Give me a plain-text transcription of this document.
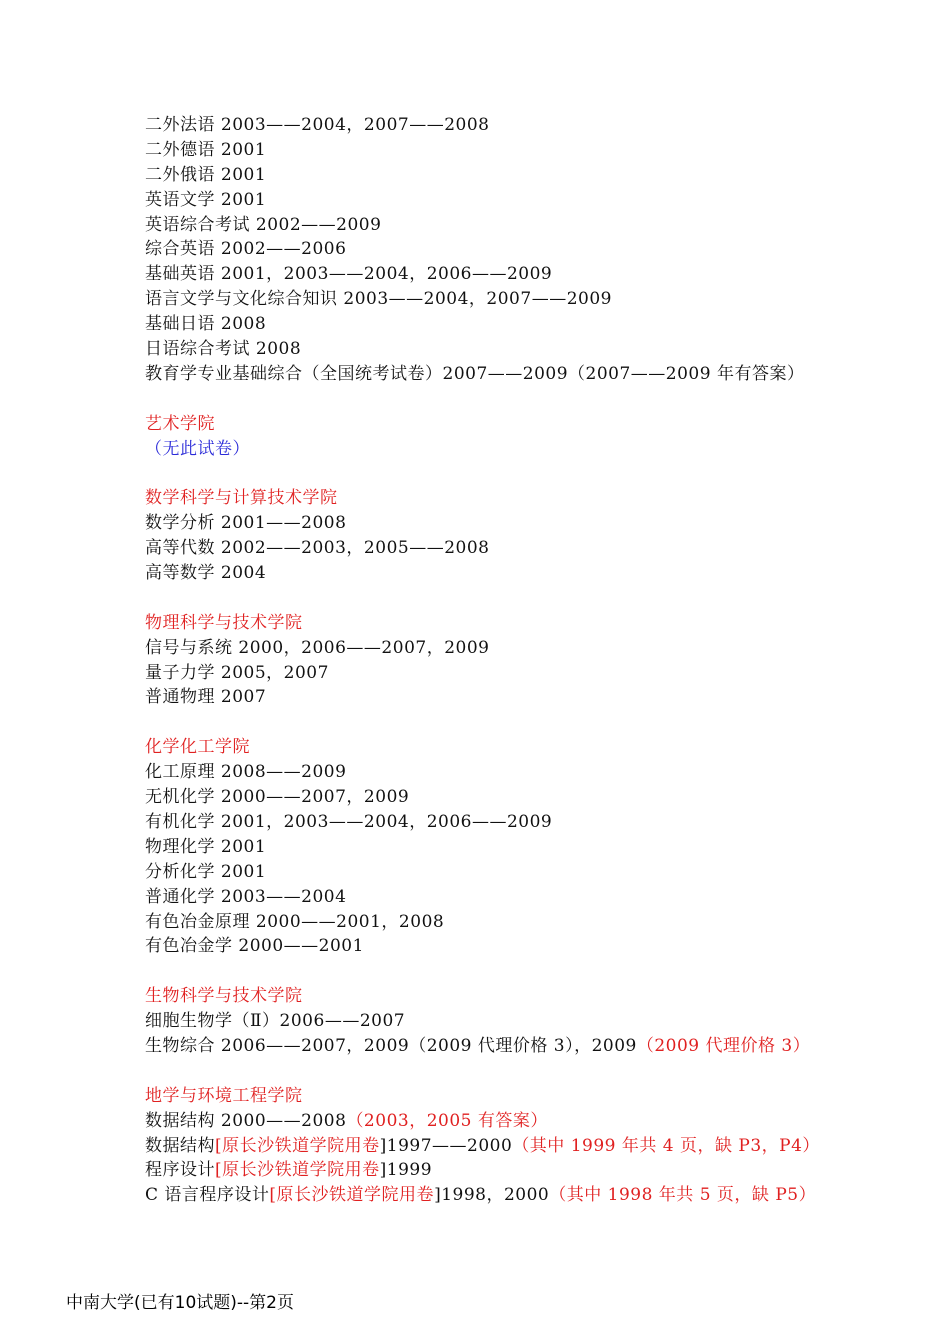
二外法语 2003——2004，2007——2008
二外德语 2001
二外俄语 2001
英语文学 2001
英语综合考试 2002——2009
综合英语 2002——2006
基础英语 2001，2003——2004，2006——2009
语言文学与文化综合知识 2003——2004，2007——2009
基础日语 2008
日语综合考试 2008
教育学专业基础综合（全国统考试卷）2007——2009（2007——2009 年有答案）
艺术学院
（无此试卷）
数学科学与计算技术学院
数学分析 2001——2008
高等代数 2002——2003，2005——2008
高等数学 2004
物理科学与技术学院
信号与系统 2000，2006——2007，2009
量子力学 2005，2007
普通物理 2007
化学化工学院
化工原理 2008——2009
无机化学 2000——2007，2009
有机化学 2001，2003——2004，2006——2009
物理化学 2001
分析化学 2001
普通化学 2003——2004
有色冶金原理 2000——2001，2008
有色冶金学 2000——2001
生物科学与技术学院
细胞生物学（Ⅱ）2006——2007
生物综合 2006——2007，2009（2009 代理价格 3），2009（2009 代理价格 3）
地学与环境工程学院
数据结构 2000——2008（2003，2005 有答案）
数据结构[原长沙铁道学院用卷]1997——2000（其中 1999 年共 4 页，缺 P3，P4）
程序设计[原长沙铁道学院用卷]1999
C 语言程序设计[原长沙铁道学院用卷]1998，2000（其中 1998 年共 5 页，缺 P5）
中南大学(已有10试题)--第2页
